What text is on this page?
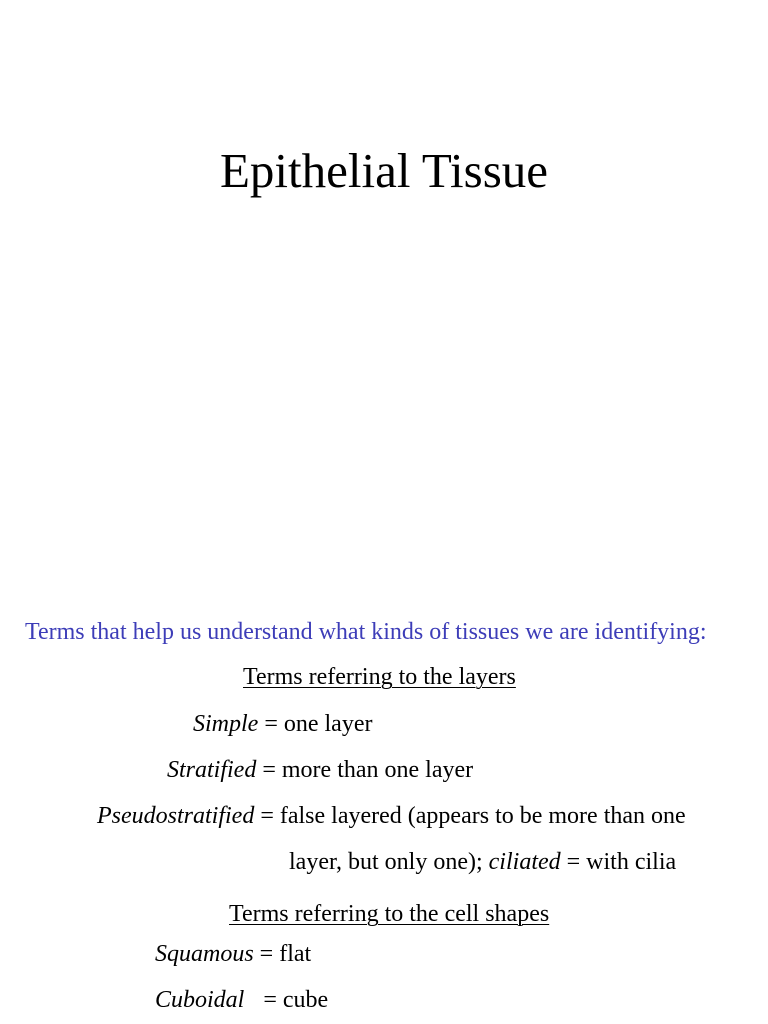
Epithelial Tissue
Terms that help us understand what kinds of tissues we are identifying:
Terms referring to the layers
Simple = one layer
Stratified = more than one layer
Pseudostratified = false layered (appears to be more than one
layer, but only one); ciliated = with cilia
Terms referring to the cell shapes
Squamous = flat
Cuboidal = cube
